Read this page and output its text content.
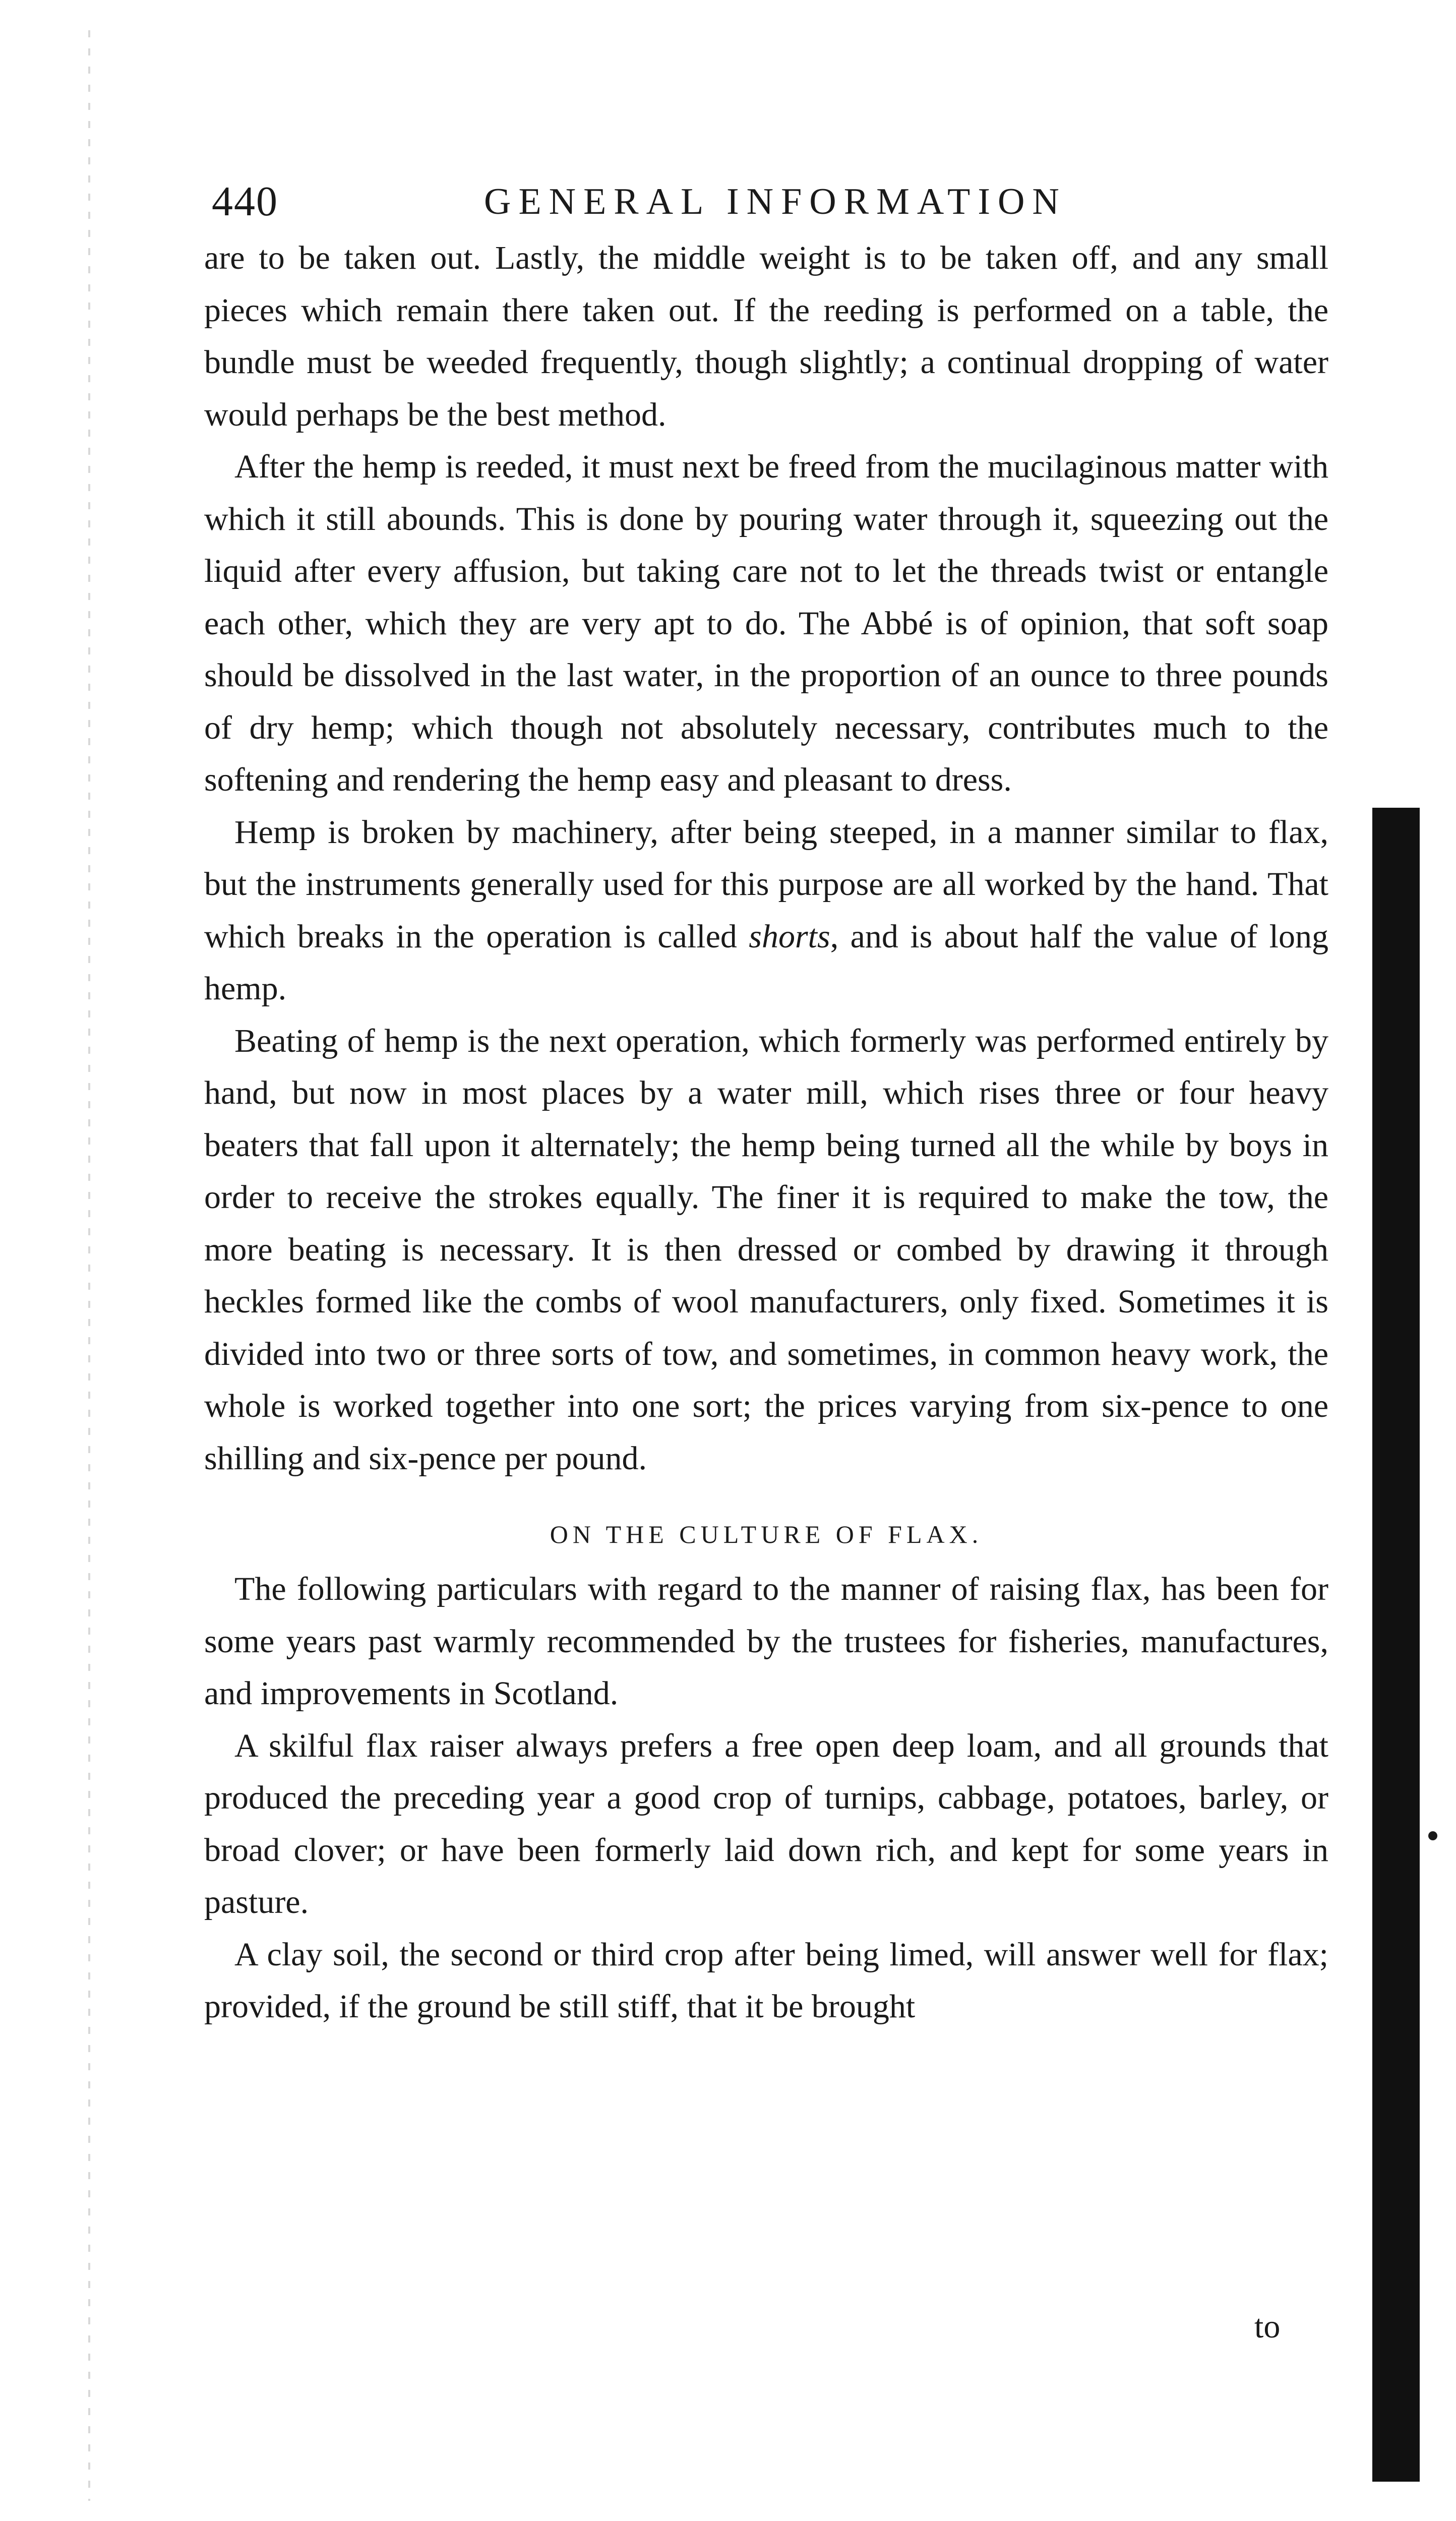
440	GENERAL INFORMATION

are to be taken out. Lastly, the middle weight is to be taken off, and any small pieces which remain there taken out. If the reeding is performed on a table, the bundle must be weeded frequently, though slightly; a continual dropping of water would perhaps be the best method.

After the hemp is reeded, it must next be freed from the mucilaginous matter with which it still abounds. This is done by pouring water through it, squeezing out the liquid after every affusion, but taking care not to let the threads twist or entangle each other, which they are very apt to do. The Abbé is of opinion, that soft soap should be dissolved in the last water, in the proportion of an ounce to three pounds of dry hemp; which though not absolutely necessary, contributes much to the softening and rendering the hemp easy and pleasant to dress.

Hemp is broken by machinery, after being steeped, in a manner similar to flax, but the instruments generally used for this purpose are all worked by the hand. That which breaks in the operation is called shorts, and is about half the value of long hemp.

Beating of hemp is the next operation, which formerly was performed entirely by hand, but now in most places by a water mill, which rises three or four heavy beaters that fall upon it alternately; the hemp being turned all the while by boys in order to receive the strokes equally. The finer it is required to make the tow, the more beating is necessary. It is then dressed or combed by drawing it through heckles formed like the combs of wool manufacturers, only fixed. Sometimes it is divided into two or three sorts of tow, and sometimes, in common heavy work, the whole is worked together into one sort; the prices varying from six-pence to one shilling and six-pence per pound.

ON THE CULTURE OF FLAX.

The following particulars with regard to the manner of raising flax, has been for some years past warmly recommended by the trustees for fisheries, manufactures, and improvements in Scotland.

A skilful flax raiser always prefers a free open deep loam, and all grounds that produced the preceding year a good crop of turnips, cabbage, potatoes, barley, or broad clover; or have been formerly laid down rich, and kept for some years in pasture.

A clay soil, the second or third crop after being limed, will answer well for flax; provided, if the ground be still stiff, that it be brought

to
